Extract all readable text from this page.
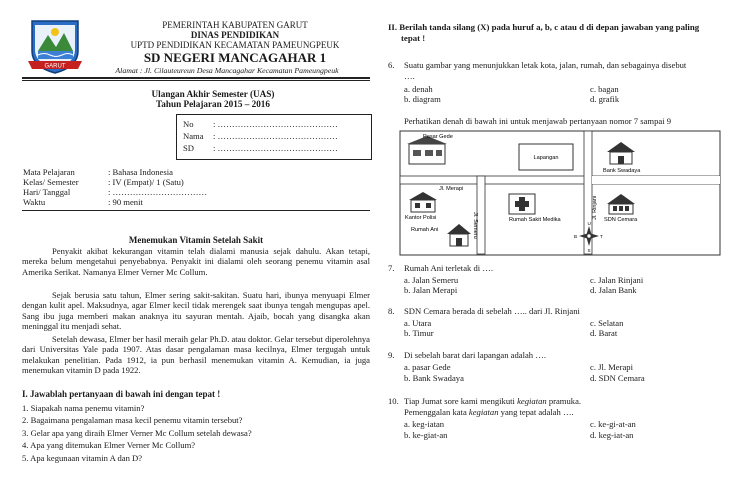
GARUT
PEMERINTAH KABUPATEN GARUT
DINAS PENDIDIKAN
UPTD PENDIDIKAN KECAMATAN PAMEUNGPEUK
SD NEGERI MANCAGAHAR 1
Alamat : Jl. Cilauteureun Desa Mancagahar Kecamatan Pameungpeuk
Ulangan Akhir Semester (UAS)
Tahun Pelajaran 2015 – 2016
No : ……………………………………
Nama : ……………………………………
SD : ……………………………………
Mata Pelajaran	: Bahasa Indonesia
Kelas/ Semester	: IV (Empat)/ 1 (Satu)
Hari/ Tanggal	: ……………………………
Waktu	: 90 menit
Menemukan Vitamin Setelah Sakit
Penyakit akibat kekurangan vitamin telah dialami manusia sejak dahulu. Akan tetapi, mereka belum mengetahui penyebabnya. Penyakit ini dialami oleh seorang penemu vitamin asal Amerika Serikat. Namanya Elmer Verner Mc Collum.
Sejak berusia satu tahun, Elmer sering sakit-sakitan. Suatu hari, ibunya menyuapi Elmer dengan kulit apel. Maksudnya, agar Elmer kecil tidak merengek saat ibunya tengah mengupas apel. Sang ibu juga memberi makan anaknya itu sayuran mentah. Ajaib, bocah yang disangka akan meninggal itu menjadi sehat.
Setelah dewasa, Elmer ber hasil meraih gelar Ph.D. atau doktor. Gelar tersebut diperolehnya dari Universitas Yale pada 1907. Atas dasar pengalaman masa kecilnya, Elmer tergugah untuk melakukan penelitian. Pada 1912, ia pun berhasil menemukan vitamin A. Kemudian, ia juga menemukan vitamin D pada 1922.
I. Jawablah pertanyaan di bawah ini dengan tepat !
1. Siapakah nama penemu vitamin?
2. Bagaimana pengalaman masa kecil penemu vitamin tersebut?
3. Gelar apa yang diraih Elmer Verner Mc Collum setelah dewasa?
4. Apa yang ditemukan Elmer Verner Mc Collum?
5. Apa kegunaan vitamin A dan D?
II. Berilah tanda silang (X) pada huruf a, b, c atau d di depan jawaban yang paling
tepat !
6. Suatu gambar yang menunjukkan letak kota, jalan, rumah, dan sebagainya disebut
….
a. denah
b. diagram
c. bagan
d. grafik
Perhatikan denah di bawah ini untuk menjawab pertanyaan nomor 7 sampai 9
Pasar Gede
Lapangan
Bank Swadaya
Jl. Merapi
Jl. Semeru
Jl. Rinjani
Kantor Polisi
Rumah Ani
Rumah Sakit Medika	SDN Cemara
U
S
T
B
7. Rumah Ani terletak di ….
a. Jalan Semeru
b. Jalan Merapi
c. Jalan Rinjani
d. Jalan Bank
8. SDN Cemara berada di sebelah ….. dari Jl. Rinjani
a. Utara
b. Timur
c. Selatan
d. Barat
9. Di sebelah barat dari lapangan adalah ….
a. pasar Gede
b. Bank Swadaya
c. Jl. Merapi
d. SDN Cemara
10. Tiap Jumat sore kami mengikuti kegiatan pramuka.
Pemenggalan kata kegiatan yang tepat adalah ….
a. keg-iatan
b. ke-giat-an
c. ke-gi-at-an
d. keg-iat-an
